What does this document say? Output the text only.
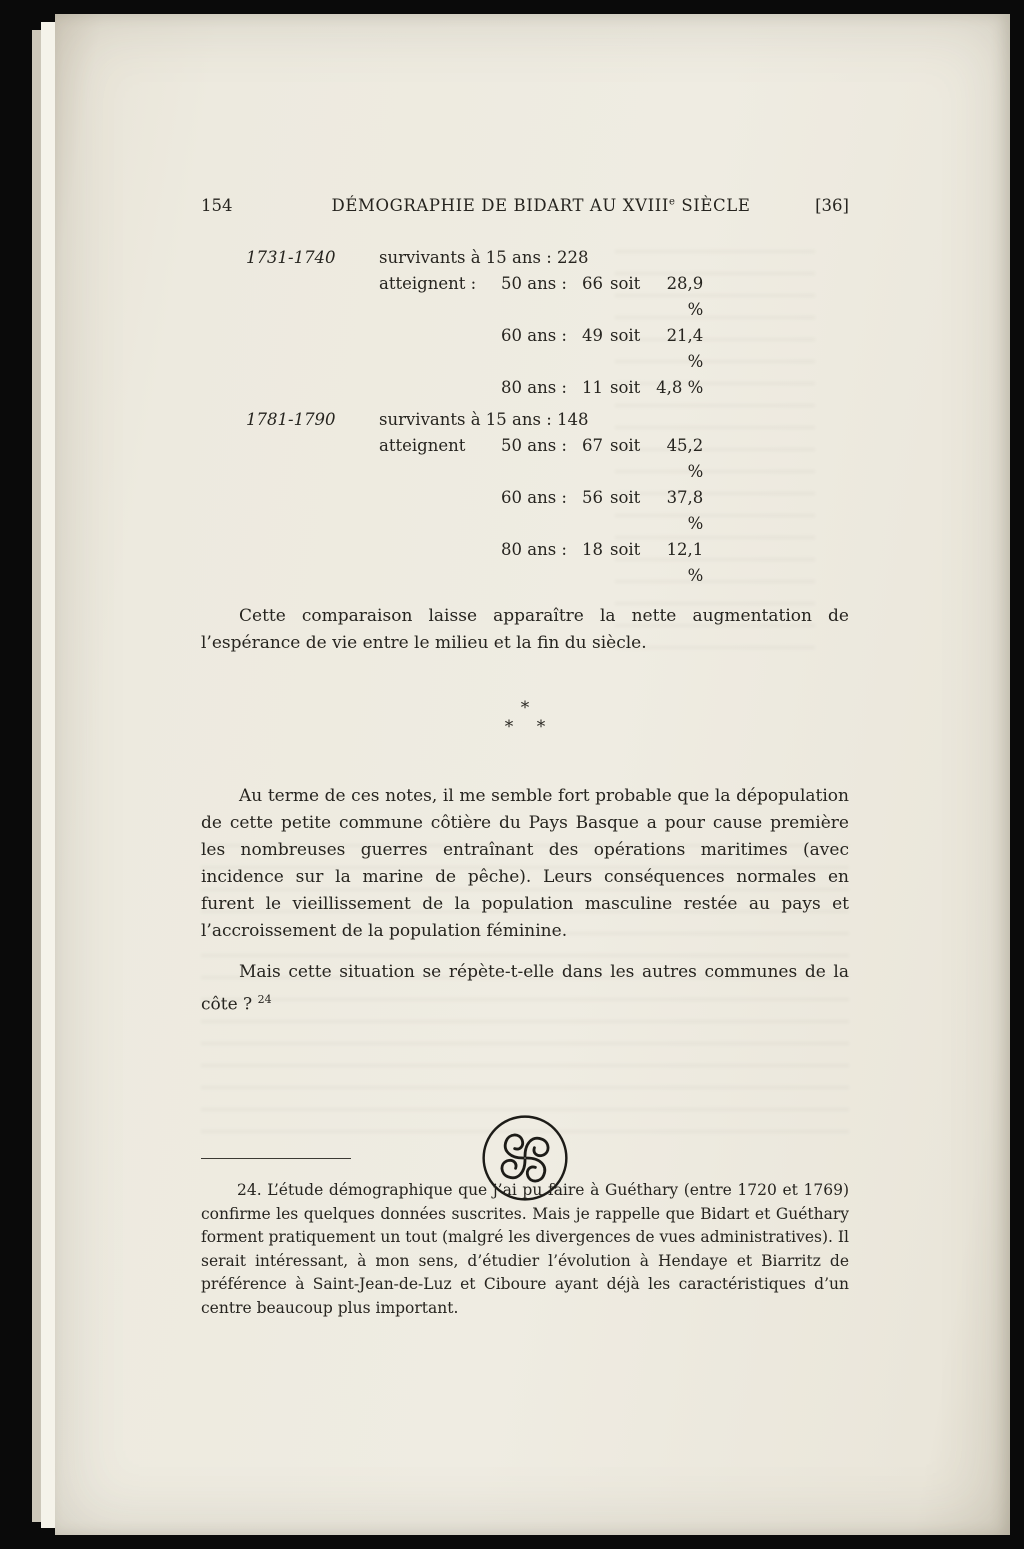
154	DÉMOGRAPHIE DE BIDART AU XVIIIe SIÈCLE	[36]
1731-1740	survivants à 15 ans : 228
atteignent :	50 ans : 66 soit	28,9 %
60 ans : 49 soit	21,4 %
80 ans : 11 soit 4,8 %
1781-1790	survivants à 15 ans : 148
atteignent	50 ans : 67 soit	45,2 %
60 ans : 56 soit	37,8 %
80 ans : 18 soit	12,1 %

Cette comparaison laisse apparaître la nette augmentation de l’espérance de vie entre le milieu et la fin du siècle.

*
* *

Au terme de ces notes, il me semble fort probable que la dépopulation de cette petite commune côtière du Pays Basque a pour cause première les nombreuses guerres entraînant des opérations maritimes (avec incidence sur la marine de pêche). Leurs conséquences normales en furent le vieillissement de la population masculine restée au pays et l’accroissement de la population féminine.

Mais cette situation se répète-t-elle dans les autres communes de la côte ? $^{24}$

24. L’étude démographique que j’ai pu faire à Guéthary (entre 1720 et 1769) confirme les quelques données suscrites. Mais je rappelle que Bidart et Guéthary forment pratiquement un tout (malgré les divergences de vues administratives). Il serait intéressant, à mon sens, d’étudier l’évolution à Hendaye et Biarritz de préférence à Saint-Jean-de-Luz et Ciboure ayant déjà les caractéristiques d’un centre beaucoup plus important.
